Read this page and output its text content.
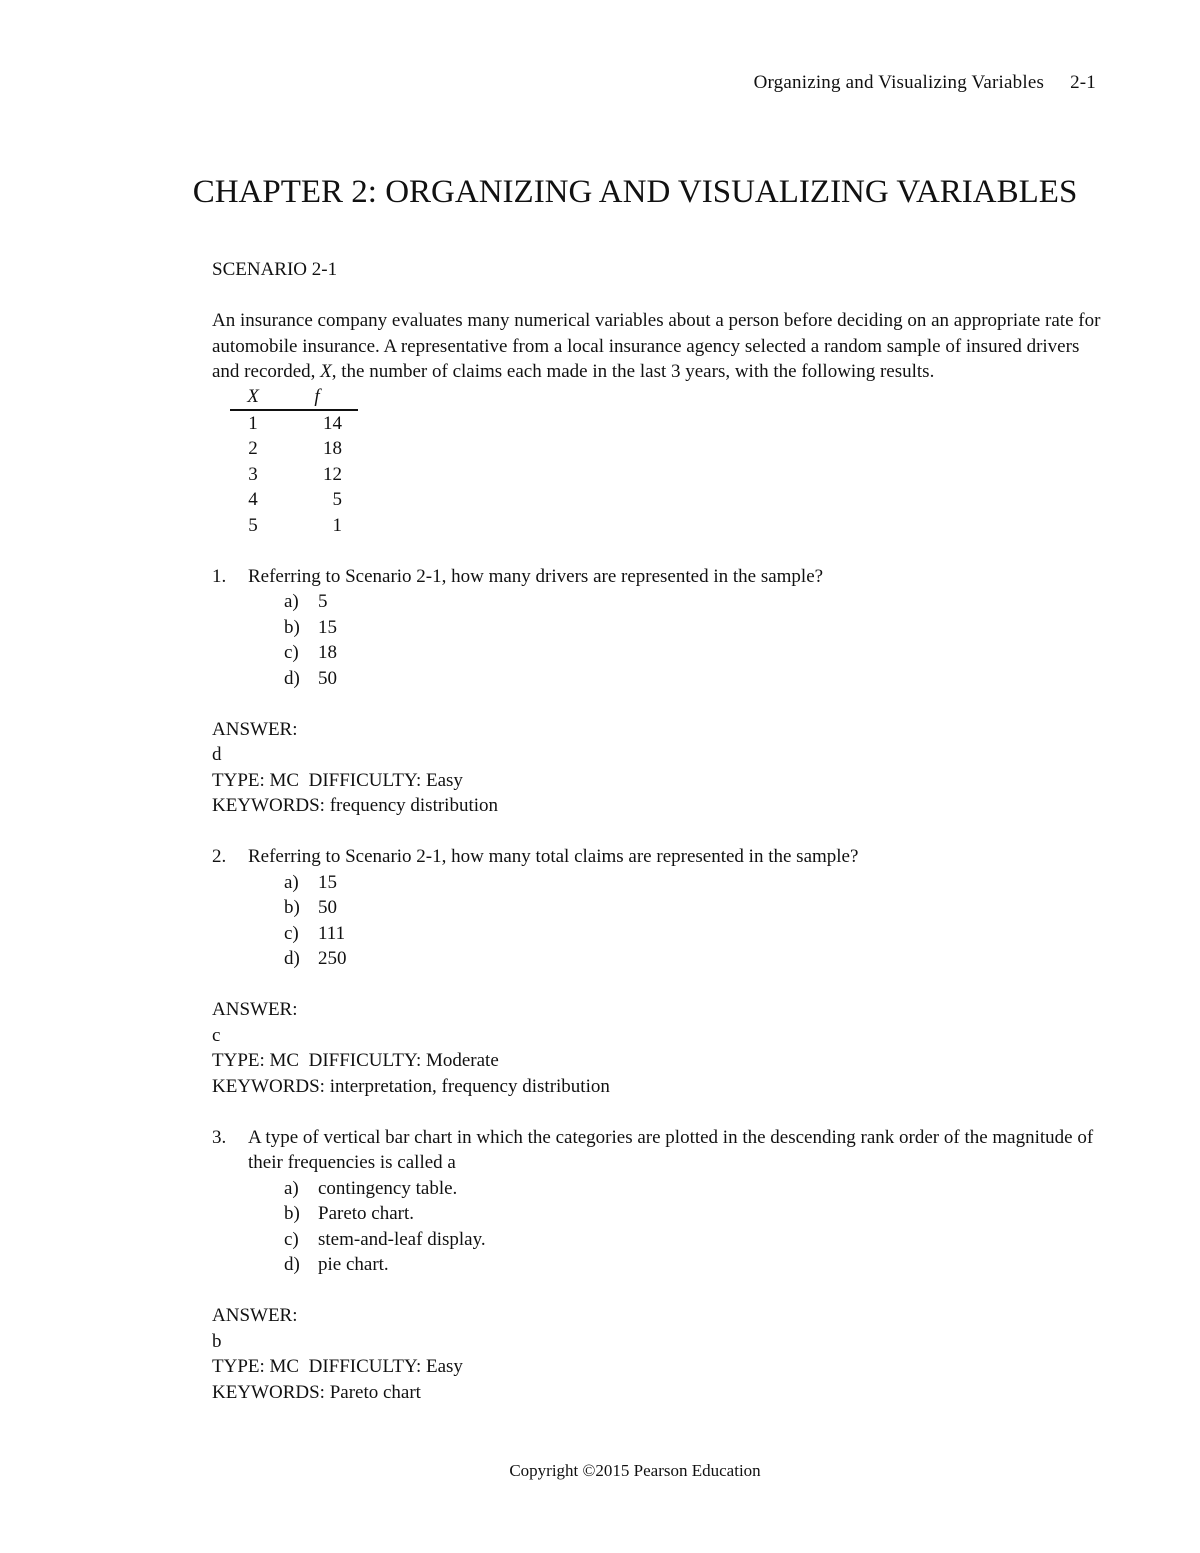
Organizing and Visualizing Variables 2-1
CHAPTER 2: ORGANIZING AND VISUALIZING VARIABLES

SCENARIO 2-1

An insurance company evaluates many numerical variables about a person before deciding on an appropriate rate for automobile insurance. A representative from a local insurance agency selected a random sample of insured drivers and recorded, X, the number of claims each made in the last 3 years, with the following results.

X	f
1	14
2	18
3	12
4	5
5	1
1.	Referring to Scenario 2-1, how many drivers are represented in the sample?
a)	5
b) 15
c)	18
d) 50
ANSWER:
d
TYPE: MC  DIFFICULTY: Easy
KEYWORDS: frequency distribution
2.	Referring to Scenario 2-1, how many total claims are represented in the sample?
a)	15
b) 50
c)	111
d) 250
ANSWER:
c
TYPE: MC  DIFFICULTY: Moderate
KEYWORDS: interpretation, frequency distribution
3.	A type of vertical bar chart in which the categories are plotted in the descending rank order of the magnitude of their frequencies is called a
a)	contingency table.
b) Pareto chart.
c)	stem-and-leaf display.
d) pie chart.
ANSWER:
b
TYPE: MC  DIFFICULTY: Easy
KEYWORDS: Pareto chart
Copyright ©2015 Pearson Education
